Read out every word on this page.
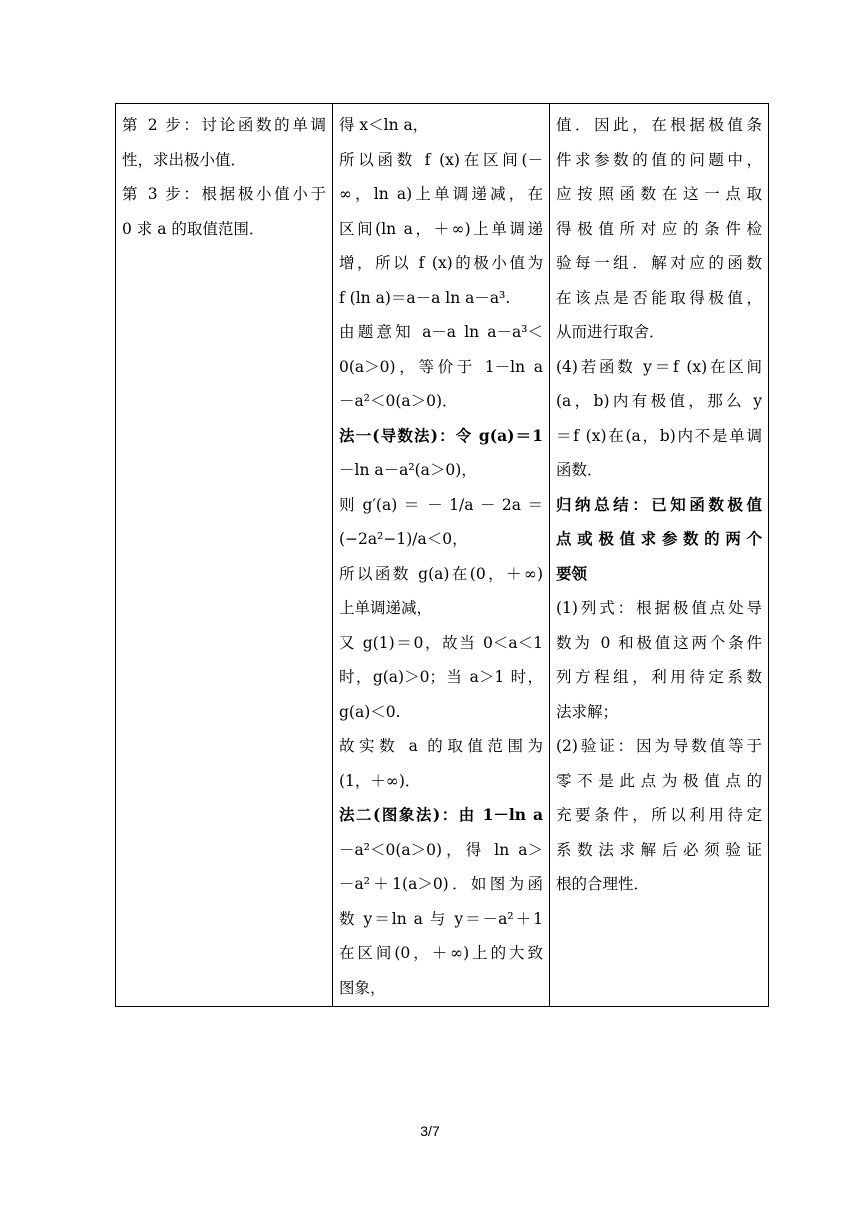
第 2 步：讨论函数的单调
性，求出极小值．
第 3 步：根据极小值小于
0 求 a 的取值范围．

得 x＜ln a，
所以函数 f (x)在区间(－
∞，ln a)上单调递减，在
区间(ln a，＋∞)上单调递
增，所以 f (x)的极小值为
f (ln a)＝a－a ln a－a³.
由题意知 a－a ln a－a³＜
0(a＞0)，等价于 1－ln a
－a²＜0(a＞0)．
法一(导数法)：令 g(a)＝1
－ln a－a²(a＞0)，
则 g′(a) ＝ － 1/a － 2a ＝
(−2a²−1)/a＜0，
所以函数 g(a)在(0，＋∞)
上单调递减，
又 g(1)＝0，故当 0＜a＜1
时，g(a)＞0；当 a＞1 时，
g(a)＜0.
故实数 a 的取值范围为
(1，＋∞)．
法二(图象法)：由 1－ln a
－a²＜0(a＞0)，得 ln a＞
－a²＋1(a＞0)．如图为函
数 y＝ln a 与 y＝－a²＋1
在区间(0，＋∞)上的大致
图象，

值．因此，在根据极值条
件求参数的值的问题中，
应按照函数在这一点取
得极值所对应的条件检
验每一组．解对应的函数
在该点是否能取得极值，
从而进行取舍．
(4)若函数 y＝f (x)在区间
(a，b)内有极值，那么 y
＝f (x)在(a，b)内不是单调
函数．
归纳总结：已知函数极值
点或极值求参数的两个
要领
(1)列式：根据极值点处导
数为 0 和极值这两个条件
列方程组，利用待定系数
法求解；
(2)验证：因为导数值等于
零不是此点为极值点的
充要条件，所以利用待定
系数法求解后必须验证
根的合理性．
3/7
